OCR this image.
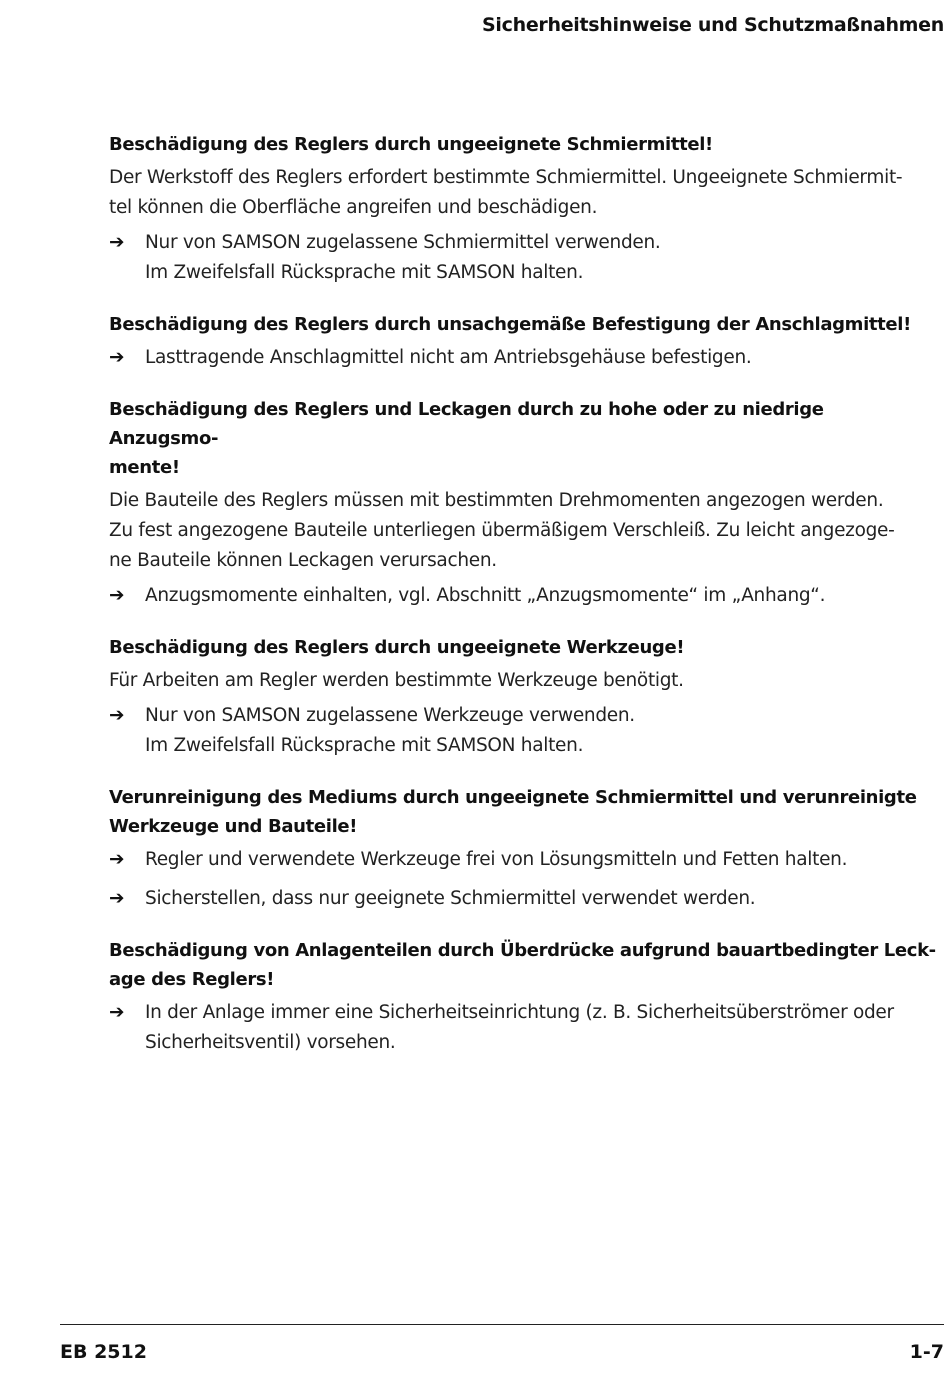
Sicherheitshinweise und Schutzmaßnahmen
Beschädigung des Reglers durch ungeeignete Schmiermittel!
Der Werkstoff des Reglers erfordert bestimmte Schmiermittel. Ungeeignete Schmiermit-
tel können die Oberfläche angreifen und beschädigen.
➔	Nur von SAMSON zugelassene Schmiermittel verwenden.
Im Zweifelsfall Rücksprache mit SAMSON halten.
Beschädigung des Reglers durch unsachgemäße Befestigung der Anschlagmittel!
➔	Lasttragende Anschlagmittel nicht am Antriebsgehäuse befestigen.
Beschädigung des Reglers und Leckagen durch zu hohe oder zu niedrige Anzugsmo-
mente!
Die Bauteile des Reglers müssen mit bestimmten Drehmomenten angezogen werden.
Zu fest angezogene Bauteile unterliegen übermäßigem Verschleiß. Zu leicht angezoge-
ne Bauteile können Leckagen verursachen.
➔	Anzugsmomente einhalten, vgl. Abschnitt „Anzugsmomente“ im „Anhang“.
Beschädigung des Reglers durch ungeeignete Werkzeuge!
Für Arbeiten am Regler werden bestimmte Werkzeuge benötigt.
➔	Nur von SAMSON zugelassene Werkzeuge verwenden.
Im Zweifelsfall Rücksprache mit SAMSON halten.
Verunreinigung des Mediums durch ungeeignete Schmiermittel und verunreinigte
Werkzeuge und Bauteile!
➔	Regler und verwendete Werkzeuge frei von Lösungsmitteln und Fetten halten.
➔	Sicherstellen, dass nur geeignete Schmiermittel verwendet werden.
Beschädigung von Anlagenteilen durch Überdrücke aufgrund bauartbedingter Leck-
age des Reglers!
➔	In der Anlage immer eine Sicherheitseinrichtung (z. B. Sicherheitsüberströmer oder
Sicherheitsventil) vorsehen.
EB 2512	1-7
